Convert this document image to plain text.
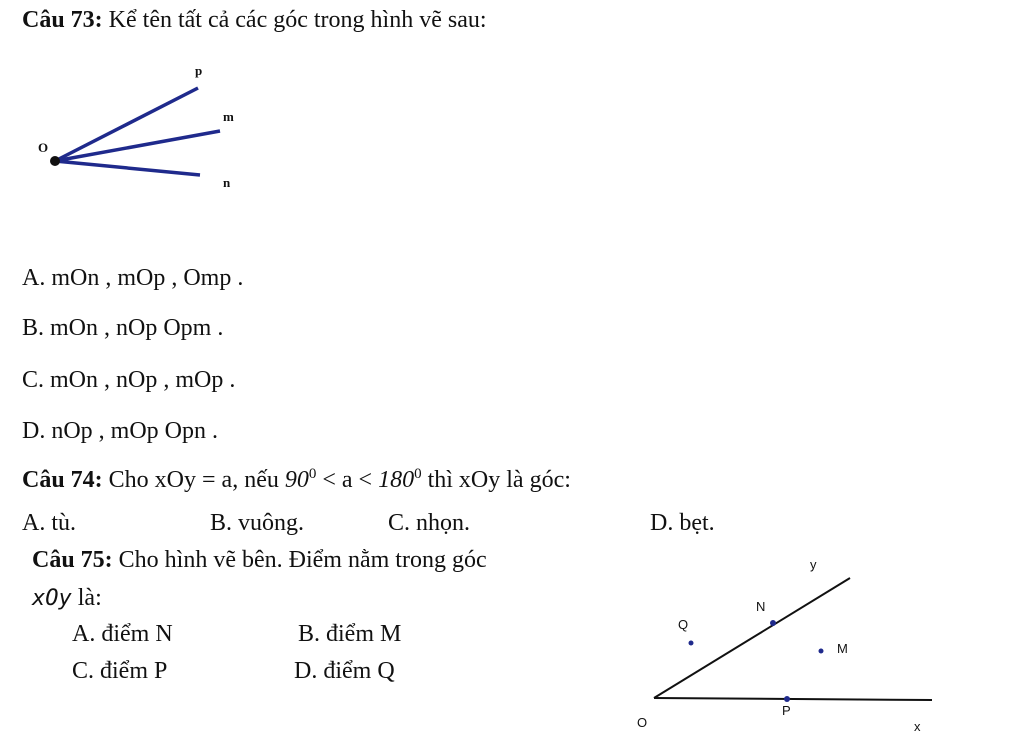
Câu 73: Kể tên tất cả các góc trong hình vẽ sau:
p
m
O
n
A. mOn , mOp , Omp .
B. mOn , nOp Opm .
C. mOn , nOp , mOp .
D. nOp , mOp Opn .
Câu 74: Cho xOy = a, nếu $90^0 < a < 180^0$ thì xOy là góc:
A. tù.	B. vuông.	C. nhọn.	D. bẹt.
Câu 75: Cho hình vẽ bên. Điểm nằm trong góc
xOy là:
A. điểm N	B. điểm M
C. điểm P	D. điểm Q
y
N
Q
M
O
P
x
